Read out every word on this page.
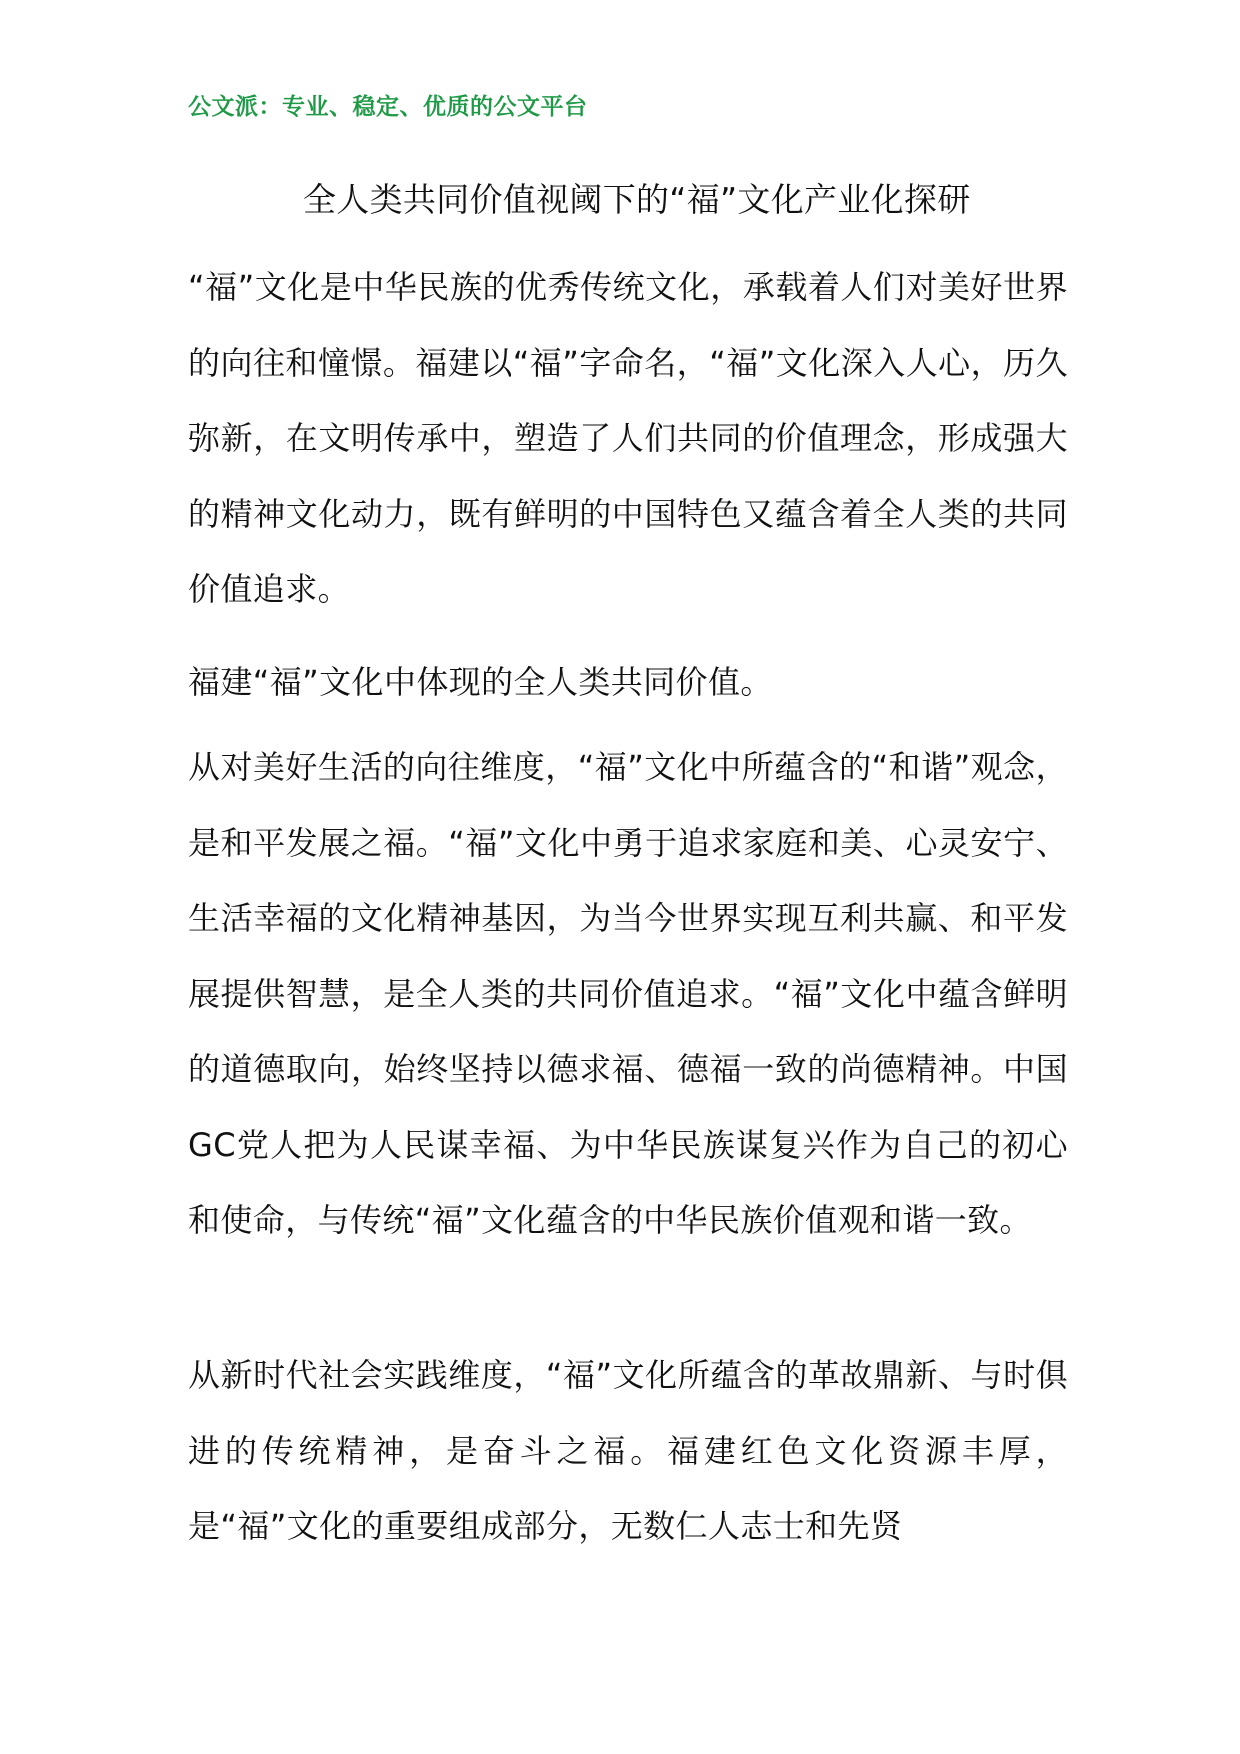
公文派：专业、稳定、优质的公文平台
全人类共同价值视阈下的“福”文化产业化探研

“福”文化是中华民族的优秀传统文化，承载着人们对美好世界的向往和憧憬。福建以“福”字命名，“福”文化深入人心，历久弥新，在文明传承中，塑造了人们共同的价值理念，形成强大的精神文化动力，既有鲜明的中国特色又蕴含着全人类的共同价值追求。

福建“福”文化中体现的全人类共同价值。

从对美好生活的向往维度，“福”文化中所蕴含的“和谐”观念，是和平发展之福。“福”文化中勇于追求家庭和美、心灵安宁、生活幸福的文化精神基因，为当今世界实现互利共赢、和平发展提供智慧，是全人类的共同价值追求。“福”文化中蕴含鲜明的道德取向，始终坚持以德求福、德福一致的尚德精神。中国GC党人把为人民谋幸福、为中华民族谋复兴作为自己的初心和使命，与传统“福”文化蕴含的中华民族价值观和谐一致。

从新时代社会实践维度，“福”文化所蕴含的革故鼎新、与时俱进的传统精神，是奋斗之福。福建红色文化资源丰厚，是“福”文化的重要组成部分，无数仁人志士和先贤
